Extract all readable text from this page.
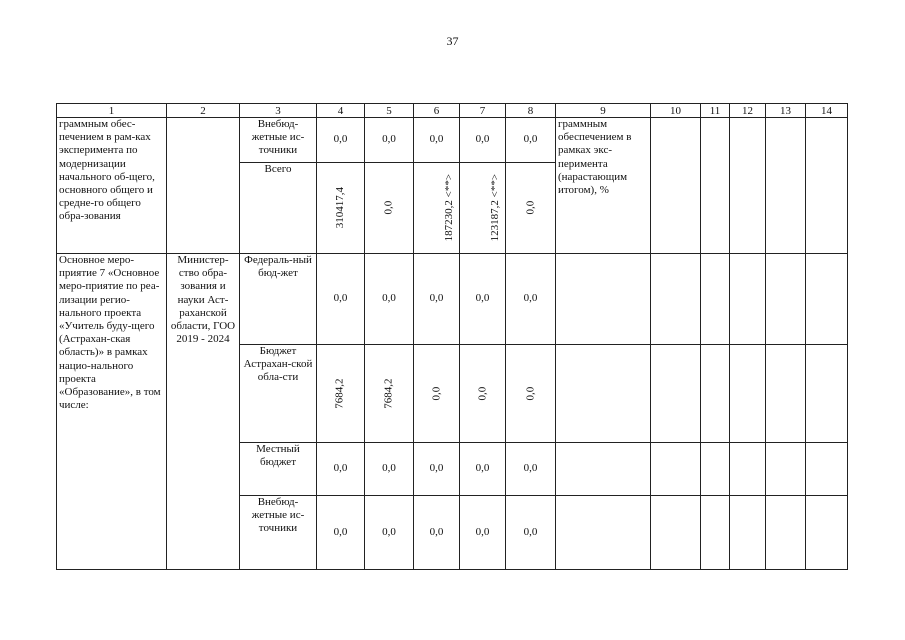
37
1	2	3	4	5	6	7	8	9	10	11	12	13	14
граммным обес-печением в рам-ках эксперимента по модернизации начального об-щего, основного общего и средне-го общего обра-зования		Внебюд-жетные ис-точники	0,0	0,0	0,0	0,0	0,0	граммным обеспечением в рамках экс-перимента (нарастающим итогом), %					
		Всего	310417,4	0,0	187230,2 <**>	123187,2 <**>	0,0						
Основное меро-приятие 7 «Основное меро-приятие по реа-лизации регио-нального проекта «Учитель буду-щего (Астрахан-ская область)» в рамках нацио-нального проекта «Образование», в том числе:	Министер-ство обра-зования и науки Аст-раханской области, ГОО 2019 - 2024	Федераль-ный бюд-жет	0,0	0,0	0,0	0,0	0,0						
		Бюджет Астрахан-ской обла-сти	7684,2	7684,2	0,0	0,0	0,0						
		Местный бюджет	0,0	0,0	0,0	0,0	0,0						
		Внебюд-жетные ис-точники	0,0	0,0	0,0	0,0	0,0						
